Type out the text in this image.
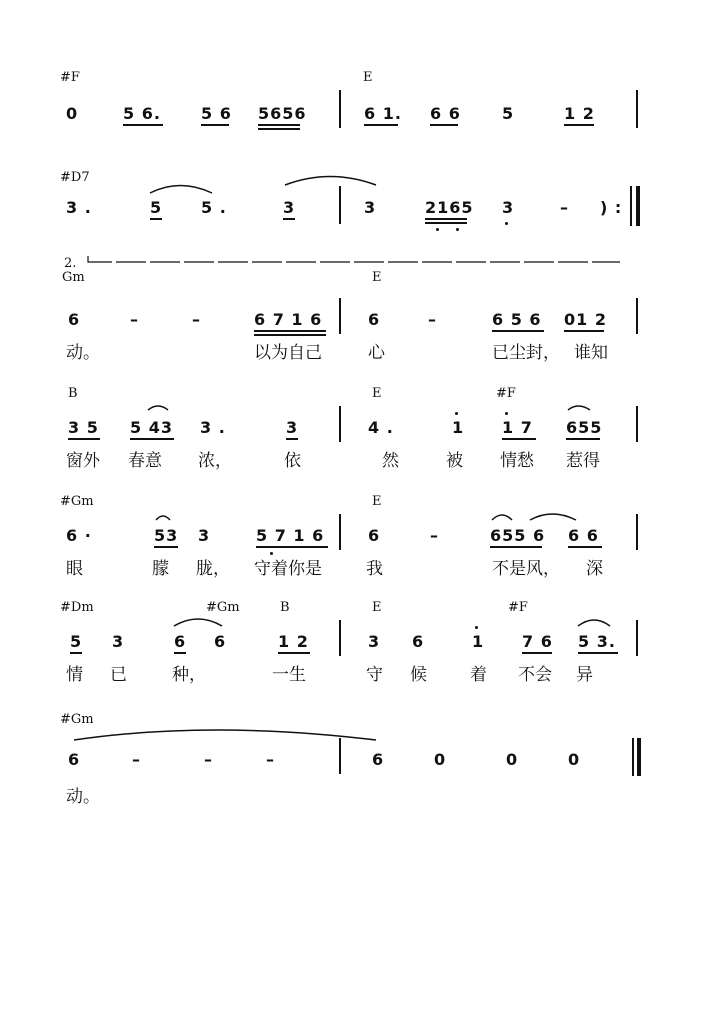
#F	E
0	5 6.	5 6 5656	6 1. 6 6	5	1 2
#D7
3 .	5 5 .	3	3	2165 3	– ) :
2.
Gm	E
6	–	–	6 7 1 6	6	–	6 5 6 01 2
动。	以为自己	心	已尘封， 谁知
B	E	#F
3 5 5 43 3 .	3	4 .	1 1 7 655
窗外 春意 浓，	依	然	被 情愁 惹得
#Gm	E
6 ·	53 3	5 7 1 6	6	–	655 6 6 6
眼	朦 胧， 守着你是	我	不是风， 深
#Dm	#Gm	B	E	#F
5 3	6 6	1 2	3 6	1 7 6 5 3.
情 已	种，	一生	守 候	着 不会 异
#Gm
6	–	–	–	6	0	0	0
动。
